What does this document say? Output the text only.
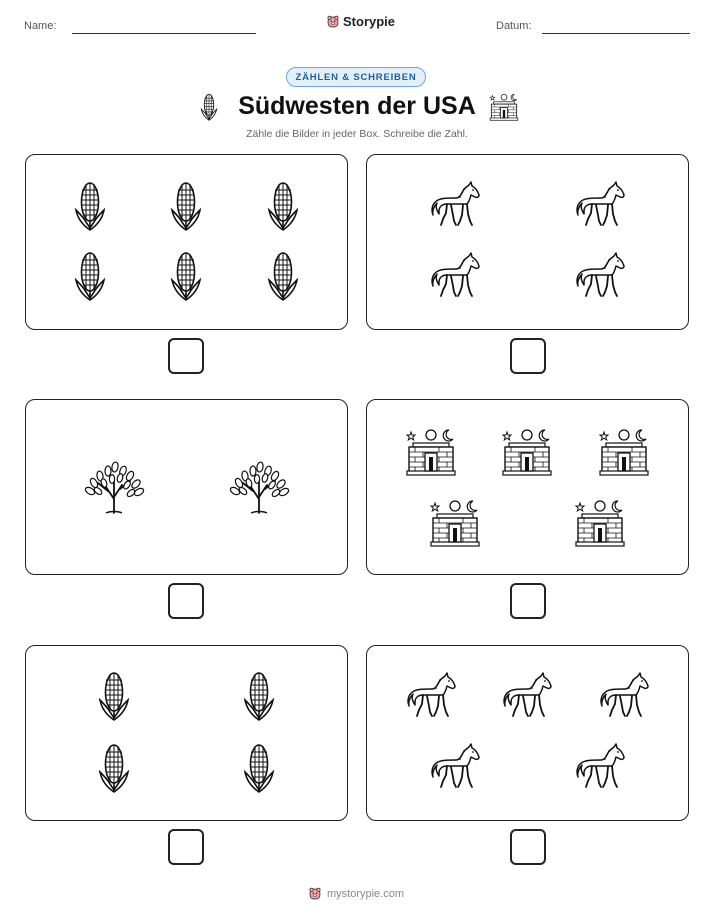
Name:	Storypie	Datum:
ZÄHLEN & SCHREIBEN
Südwesten der USA
Zähle die Bilder in jeder Box. Schreibe die Zahl.
mystorypie.com
